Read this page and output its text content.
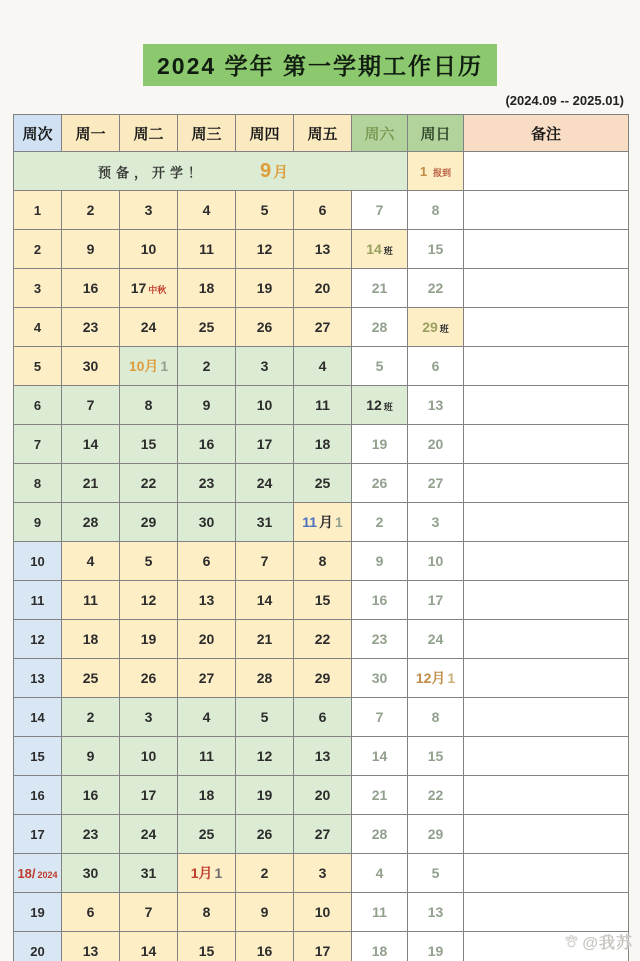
2024 学年 第一学期工作日历
(2024.09 -- 2025.01)
周次	周一	周二	周三	周四	周五	周六	周日	备注

预备，开学！ 9 月							1 报到	
1	2	3	4	5	6	7	8	
2	9	10	11	12	13	14 班	15	
3	16	17 中秋	18	19	20	21	22	
4	23	24	25	26	27	28	29 班	
5	30	10月 1	2	3	4	5	6	
6	7	8	9	10	11	12 班	13	
7	14	15	16	17	18	19	20	
8	21	22	23	24	25	26	27	
9	28	29	30	31	11 月 1	2	3	
10	4	5	6	7	8	9	10	
11	11	12	13	14	15	16	17	
12	18	19	20	21	22	23	24	
13	25	26	27	28	29	30	12月 1	
14	2	3	4	5	6	7	8	
15	9	10	11	12	13	14	15	
16	16	17	18	19	20	21	22	
17	23	24	25	26	27	28	29	
18/ 2024	30	31	1月 1	2	3	4	5	
19	6	7	8	9	10	11	13	
20	13	14	15	16	17	18	19		@我苏
